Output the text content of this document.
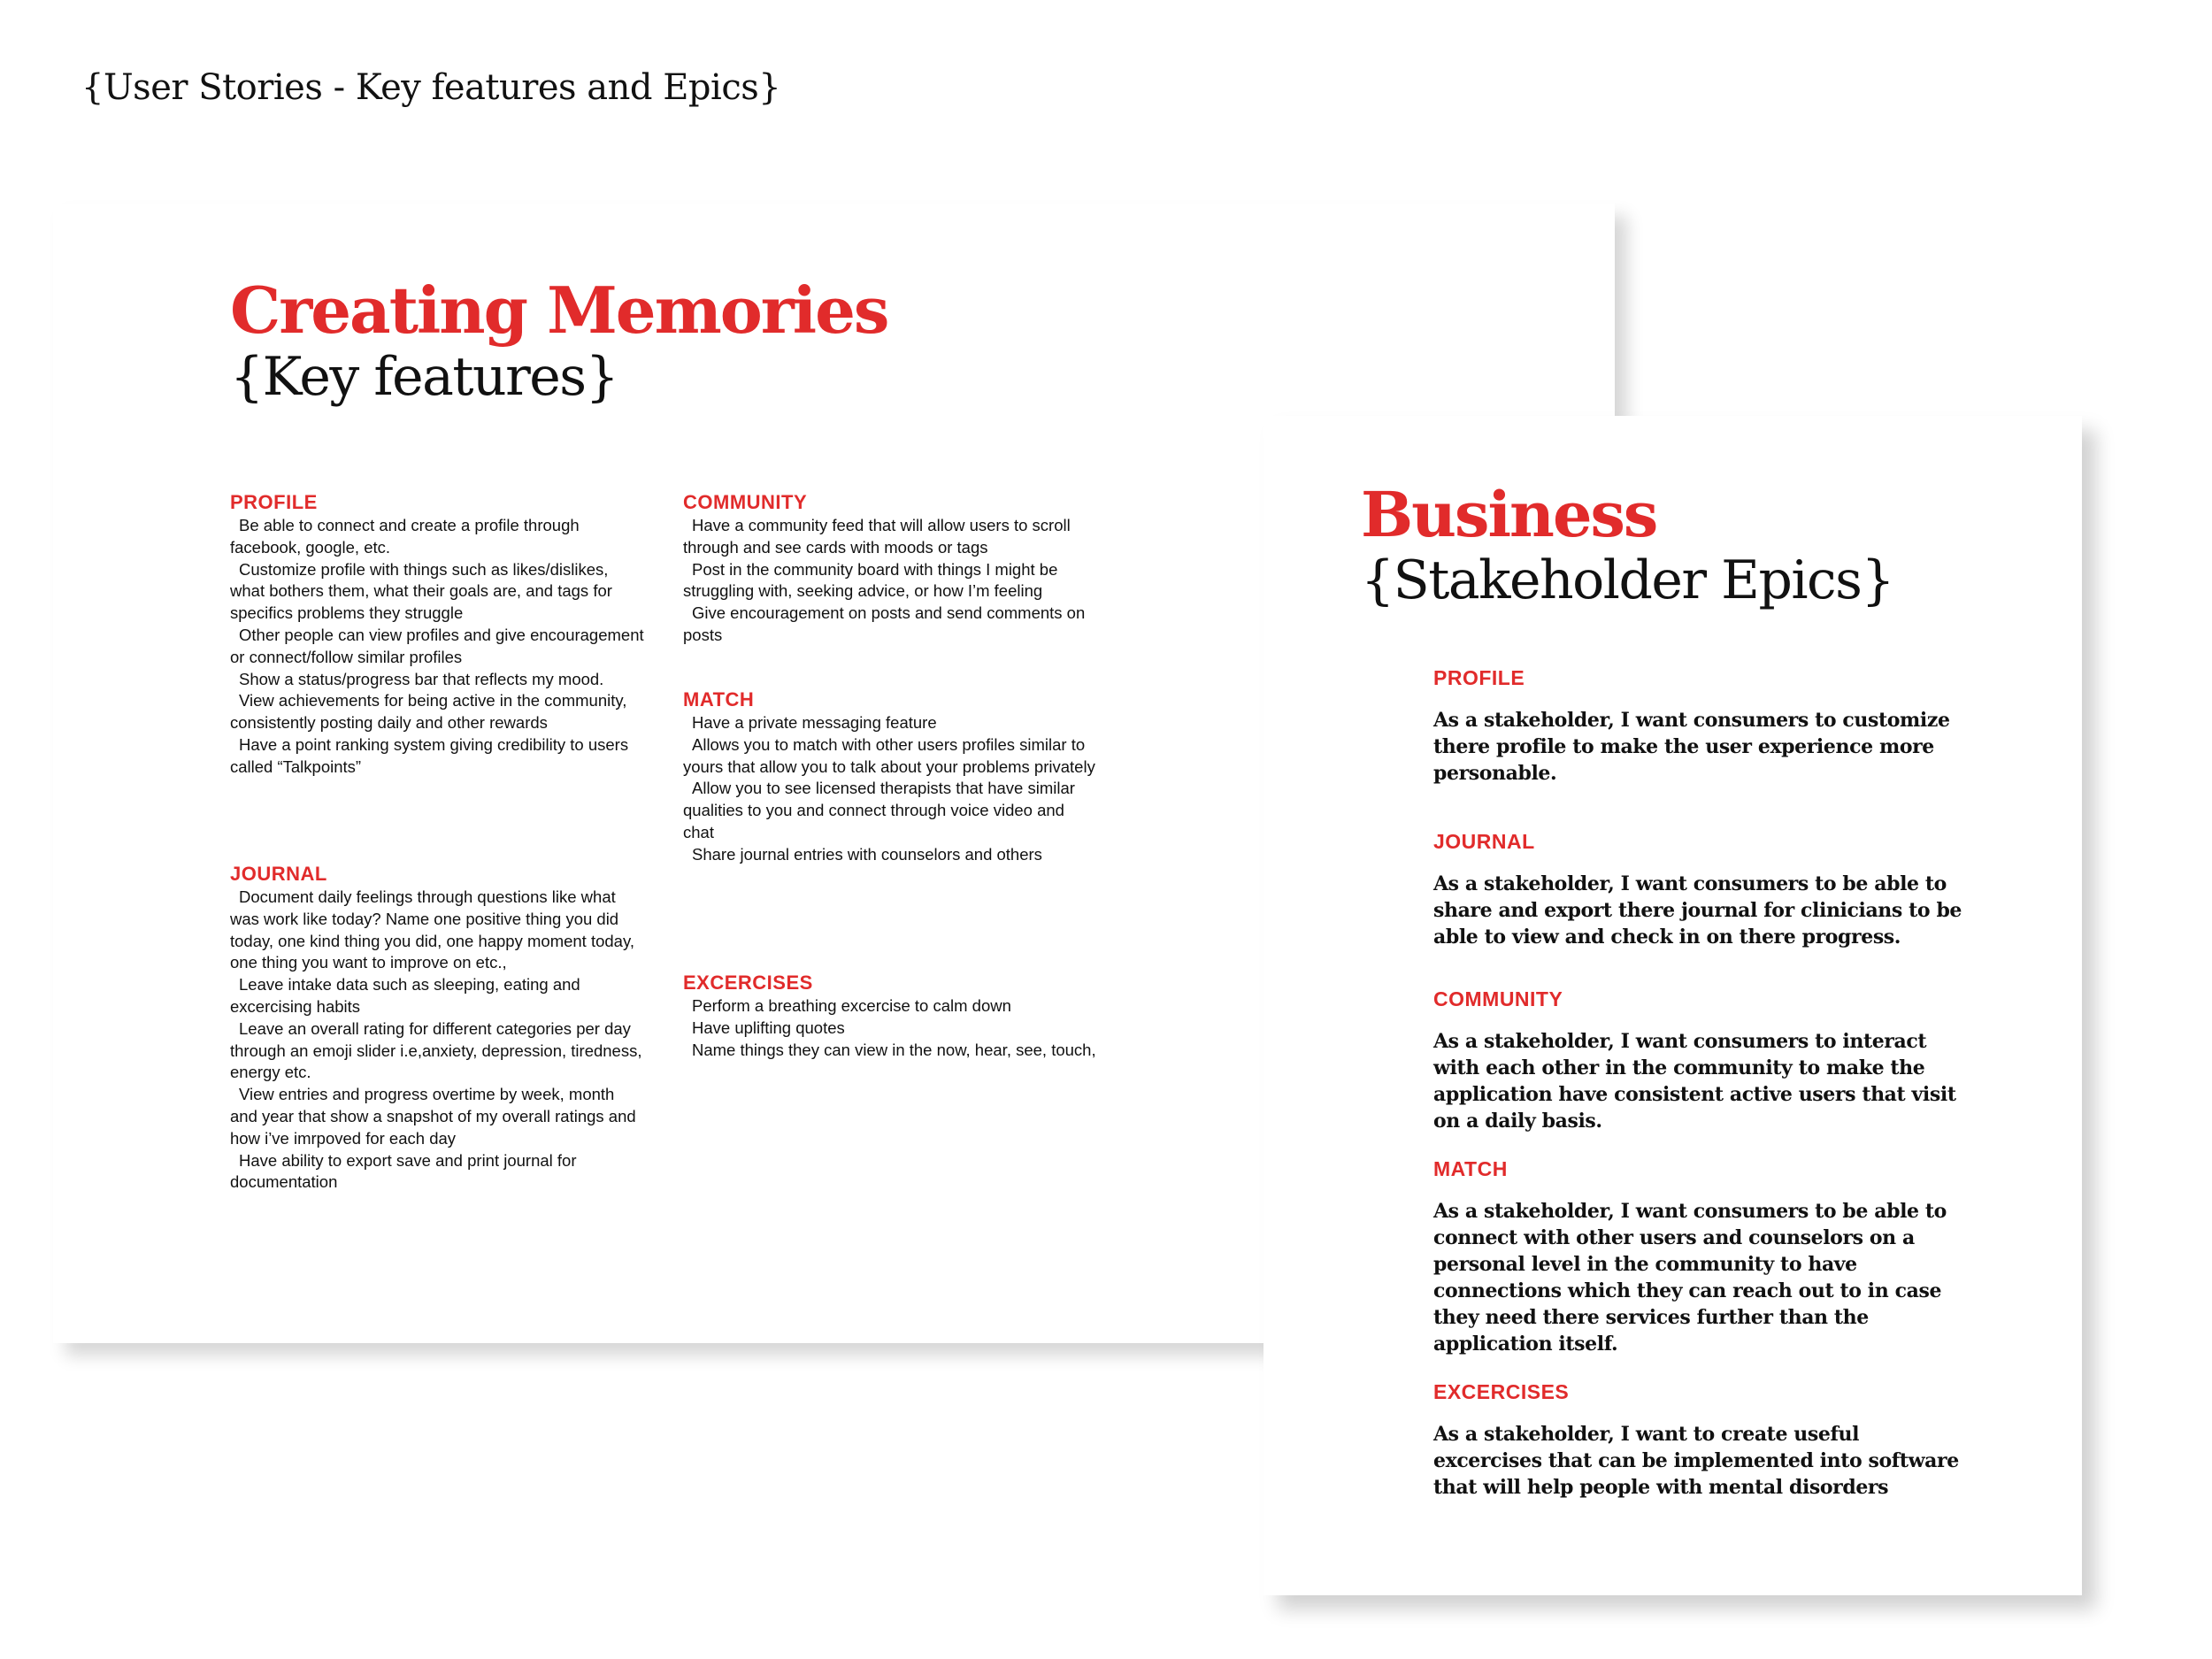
{User Stories - Key features and Epics}
Creating Memories
{Key features}
PROFILE
Be able to connect and create a profile through facebook, google, etc.
Customize profile with things such as likes/dislikes, what bothers them, what their goals are, and tags for specifics problems they struggle
Other people can view profiles and give encouragement or connect/follow similar profiles
Show a status/progress bar that reflects my mood.
View achievements for being active in the community, consistently posting daily and other rewards
Have a point ranking system giving credibility to users called “Talkpoints”
JOURNAL
Document daily feelings through questions like what was work like today? Name one positive thing you did today, one kind thing you did, one happy moment today, one thing you want to improve on etc.,
Leave intake data such as sleeping, eating and excercising habits
Leave an overall rating for different categories per day through an emoji slider i.e,anxiety, depression, tiredness, energy etc.
View entries and progress overtime by week, month and year that show a snapshot of my overall ratings and how i’ve imrpoved for each day
Have ability to export save and print journal for documentation
COMMUNITY
Have a community feed that will allow users to scroll through and see cards with moods or tags
Post in the community board with things I might be struggling with, seeking advice, or how I’m feeling
Give encouragement on posts and send comments on posts
MATCH
Have a private messaging feature
Allows you to match with other users profiles similar to yours that allow you to talk about your problems privately
Allow you to see licensed therapists that have similar qualities to you and connect through voice video and chat
Share journal entries with counselors and others
EXCERCISES
Perform a breathing excercise to calm down
Have uplifting quotes
Name things they can view in the now, hear, see, touch,
Business
{Stakeholder Epics}
PROFILE

As a stakeholder, I want consumers to customize there profile to make the user experience more personable.

JOURNAL

As a stakeholder, I want consumers to be able to share and export there journal for clinicians to be able to view and check in on there progress.

COMMUNITY

As a stakeholder, I want consumers to interact with each other in the community to make the application have consistent active users that visit on a daily basis.

MATCH

As a stakeholder, I want consumers to be able to connect with other users and counselors on a personal level in the community to have connections which they can reach out to in case they need there services further than the application itself.

EXCERCISES

As a stakeholder, I want to create useful excercises that can be implemented into software that will help people with mental disorders
